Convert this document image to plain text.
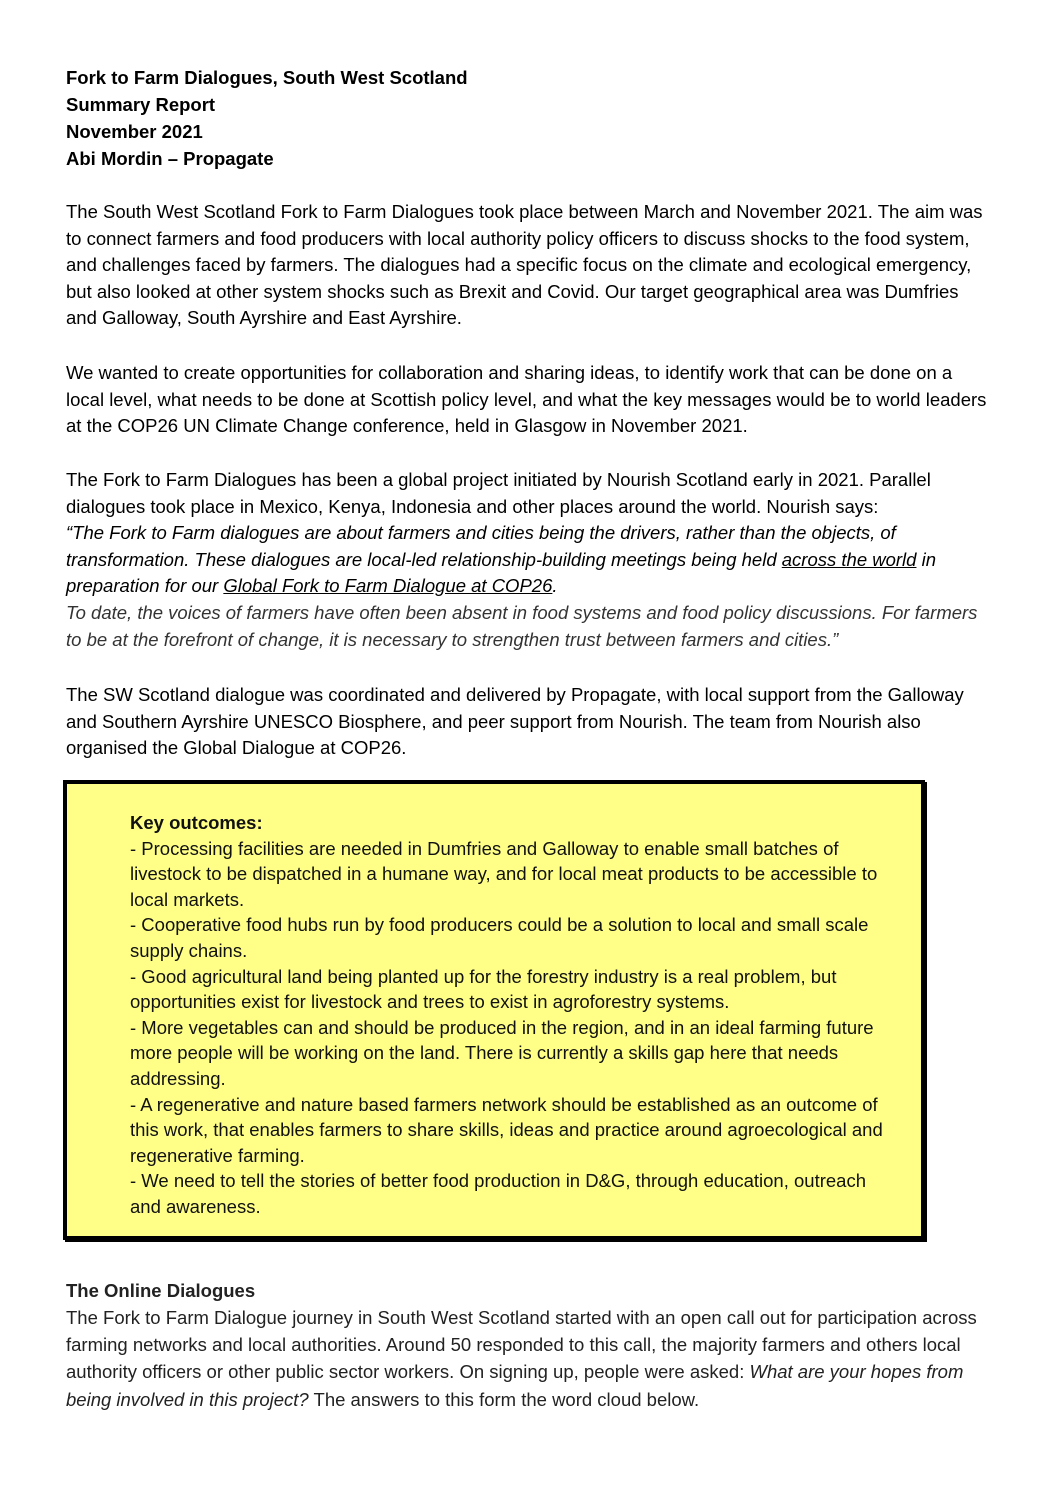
Fork to Farm Dialogues, South West Scotland
Summary Report
November 2021
Abi Mordin – Propagate

The South West Scotland Fork to Farm Dialogues took place between March and November 2021. The aim was to connect farmers and food producers with local authority policy officers to discuss shocks to the food system, and challenges faced by farmers. The dialogues had a specific focus on the climate and ecological emergency, but also looked at other system shocks such as Brexit and Covid. Our target geographical area was Dumfries and Galloway, South Ayrshire and East Ayrshire.

We wanted to create opportunities for collaboration and sharing ideas, to identify work that can be done on a local level, what needs to be done at Scottish policy level, and what the key messages would be to world leaders at the COP26 UN Climate Change conference, held in Glasgow in November 2021.

The Fork to Farm Dialogues has been a global project initiated by Nourish Scotland early in 2021. Parallel dialogues took place in Mexico, Kenya, Indonesia and other places around the world. Nourish says:
“The Fork to Farm dialogues are about farmers and cities being the drivers, rather than the objects, of transformation. These dialogues are local-led relationship-building meetings being held across the world in preparation for our Global Fork to Farm Dialogue at COP26.
To date, the voices of farmers have often been absent in food systems and food policy discussions. For farmers to be at the forefront of change, it is necessary to strengthen trust between farmers and cities.”

The SW Scotland dialogue was coordinated and delivered by Propagate, with local support from the Galloway and Southern Ayrshire UNESCO Biosphere, and peer support from Nourish. The team from Nourish also organised the Global Dialogue at COP26.

Key outcomes:
- Processing facilities are needed in Dumfries and Galloway to enable small batches of livestock to be dispatched in a humane way, and for local meat products to be accessible to local markets.
- Cooperative food hubs run by food producers could be a solution to local and small scale supply chains.
- Good agricultural land being planted up for the forestry industry is a real problem, but opportunities exist for livestock and trees to exist in agroforestry systems.
- More vegetables can and should be produced in the region, and in an ideal farming future more people will be working on the land. There is currently a skills gap here that needs addressing.
- A regenerative and nature based farmers network should be established as an outcome of this work, that enables farmers to share skills, ideas and practice around agroecological and regenerative farming.
- We need to tell the stories of better food production in D&G, through education, outreach and awareness.
The Online Dialogues

The Fork to Farm Dialogue journey in South West Scotland started with an open call out for participation across farming networks and local authorities. Around 50 responded to this call, the majority farmers and others local authority officers or other public sector workers. On signing up, people were asked: What are your hopes from being involved in this project? The answers to this form the word cloud below.
